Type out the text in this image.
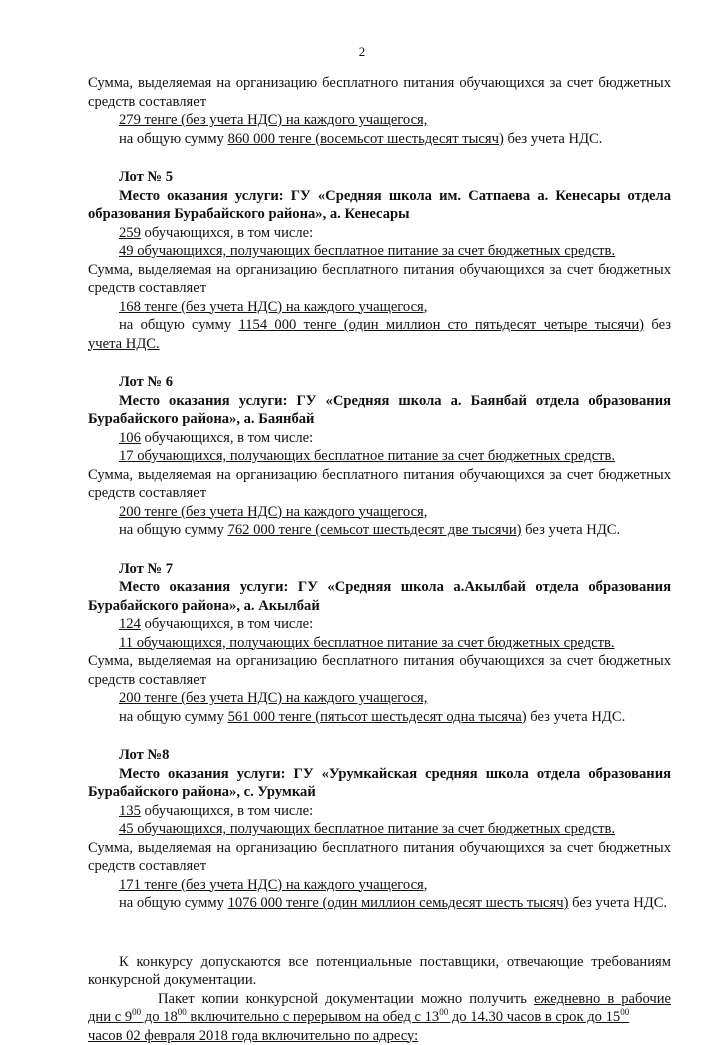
2
Сумма, выделяемая на организацию бесплатного питания обучающихся за счет бюджетных
средств составляет
279 тенге (без учета НДС) на каждого учащегося,
на общую сумму 860 000 тенге (восемьсот шестьдесят тысяч) без учета НДС.
Лот № 5
Место оказания услуги: ГУ «Средняя школа им. Сатпаева а. Кенесары отдела
образования Бурабайского района», а. Кенесары
259 обучающихся, в том числе:
49 обучающихся, получающих бесплатное питание за счет бюджетных средств.
Сумма, выделяемая на организацию бесплатного питания обучающихся за счет бюджетных
средств составляет
168 тенге (без учета НДС) на каждого учащегося,
на общую сумму 1154 000 тенге (один миллион сто пятьдесят четыре тысячи) без
учета НДС.
Лот № 6
Место оказания услуги: ГУ «Средняя школа а. Баянбай отдела образования
Бурабайского района», а. Баянбай
106 обучающихся, в том числе:
17 обучающихся, получающих бесплатное питание за счет бюджетных средств.
Сумма, выделяемая на организацию бесплатного питания обучающихся за счет бюджетных
средств составляет
200 тенге (без учета НДС) на каждого учащегося,
на общую сумму 762 000 тенге (семьсот шестьдесят две тысячи) без учета НДС.
Лот № 7
Место оказания услуги: ГУ «Средняя школа а.Акылбай отдела образования
Бурабайского района», а. Акылбай
124 обучающихся, в том числе:
11 обучающихся, получающих бесплатное питание за счет бюджетных средств.
Сумма, выделяемая на организацию бесплатного питания обучающихся за счет бюджетных
средств составляет
200 тенге (без учета НДС) на каждого учащегося,
на общую сумму 561 000 тенге (пятьсот шестьдесят одна тысяча) без учета НДС.
Лот №8
Место оказания услуги: ГУ «Урумкайская средняя школа отдела образования
Бурабайского района», с. Урумкай
135 обучающихся, в том числе:
45 обучающихся, получающих бесплатное питание за счет бюджетных средств.
Сумма, выделяемая на организацию бесплатного питания обучающихся за счет бюджетных
средств составляет
171 тенге (без учета НДС) на каждого учащегося,
на общую сумму 1076 000 тенге (один миллион семьдесят шесть тысяч) без учета НДС.
К конкурсу допускаются все потенциальные поставщики, отвечающие требованиям
конкурсной документации.
Пакет копии конкурсной документации можно получить ежедневно в рабочие
дни с $9^{00}$ до $18^{00}$ включительно с перерывом на обед с $13^{00}$ до 14.30 часов в срок до $15^{00}$
часов 02 февраля 2018 года включительно по адресу:
